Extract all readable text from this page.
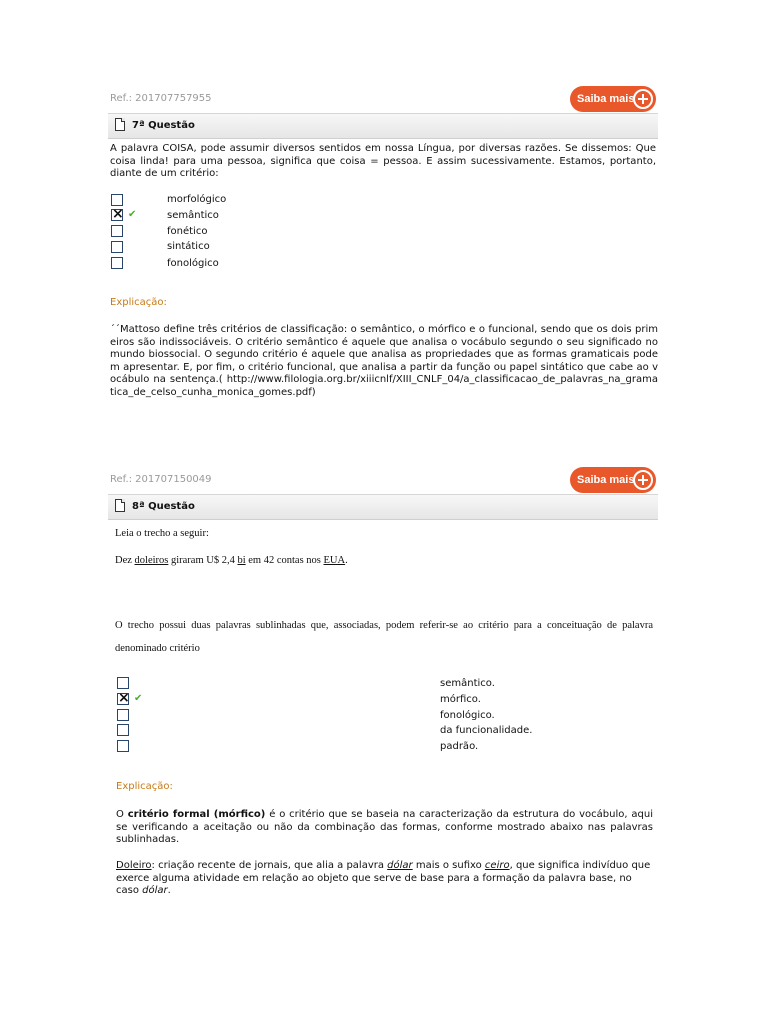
Ref.: 201707757955	Saiba mais
7ª Questão
A palavra COISA, pode assumir diversos sentidos em nossa Língua, por diversas razões. Se dissemos: Que coisa linda! para uma pessoa, significa que coisa = pessoa. E assim sucessivamente. Estamos, portanto, diante de um critério:
morfológico
×
✔	semântico
fonético
sintático
fonológico
Explicação:
´´Mattoso define três critérios de classificação: o semântico, o mórfico e o funcional, sendo que os dois primeiros são indissociáveis. O critério semântico é aquele que analisa o vocábulo segundo o seu significado no mundo biossocial. O segundo critério é aquele que analisa as propriedades que as formas gramaticais podem apresentar. E, por fim, o critério funcional, que analisa a partir da função ou papel sintático que cabe ao vocábulo na sentença.( http://www.filologia.org.br/xiiicnlf/XIII_CNLF_04/a_classificacao_de_palavras_na_gramatica_de_celso_cunha_monica_gomes.pdf)
Ref.: 201707150049	Saiba mais
8ª Questão
Leia o trecho a seguir:
Dez doleiros giraram U$ 2,4 bi em 42 contas nos EUA.
O trecho possui duas palavras sublinhadas que, associadas, podem referir-se ao critério para a conceituação de palavra denominado critério
semântico.
×
✔	mórfico.
fonológico.
da funcionalidade.
padrão.
Explicação:
O critério formal (mórfico) é o critério que se baseia na caracterização da estrutura do vocábulo, aqui se verificando a aceitação ou não da combinação das formas, conforme mostrado abaixo nas palavras sublinhadas.
Doleiro: criação recente de jornais, que alia a palavra dólar mais o sufixo ceiro, que significa indivíduo que exerce alguma atividade em relação ao objeto que serve de base para a formação da palavra base, no caso dólar.
